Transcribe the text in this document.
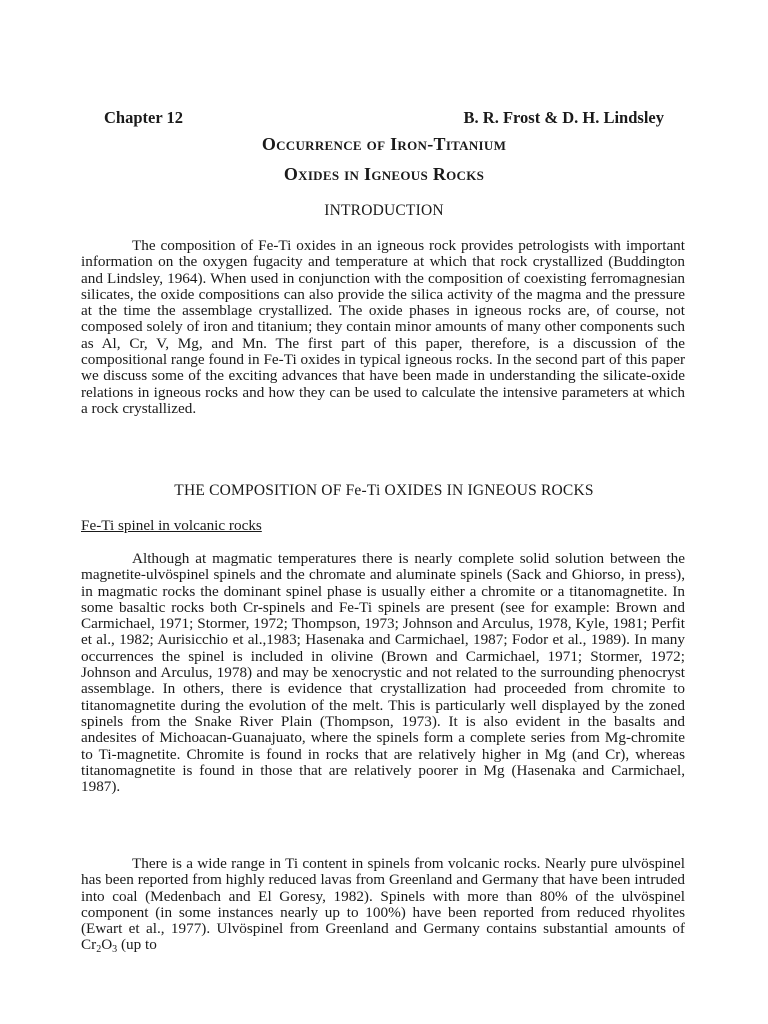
Chapter 12	B. R. Frost & D. H. Lindsley
Occurrence of Iron-Titanium
Oxides in Igneous Rocks
INTRODUCTION

The composition of Fe-Ti oxides in an igneous rock provides petrologists with important information on the oxygen fugacity and temperature at which that rock crystallized (Buddington and Lindsley, 1964). When used in conjunction with the composition of coexisting ferromagnesian silicates, the oxide compositions can also provide the silica activity of the magma and the pressure at the time the assemblage crystallized. The oxide phases in igneous rocks are, of course, not composed solely of iron and titanium; they contain minor amounts of many other components such as Al, Cr, V, Mg, and Mn. The first part of this paper, therefore, is a discussion of the compositional range found in Fe-Ti oxides in typical igneous rocks. In the second part of this paper we discuss some of the exciting advances that have been made in understanding the silicate-oxide relations in igneous rocks and how they can be used to calculate the intensive parameters at which a rock crystallized.

THE COMPOSITION OF Fe-Ti OXIDES IN IGNEOUS ROCKS
Fe-Ti spinel in volcanic rocks

Although at magmatic temperatures there is nearly complete solid solution between the magnetite-ulvöspinel spinels and the chromate and aluminate spinels (Sack and Ghiorso, in press), in magmatic rocks the dominant spinel phase is usually either a chromite or a titanomagnetite. In some basaltic rocks both Cr-spinels and Fe-Ti spinels are present (see for example: Brown and Carmichael, 1971; Stormer, 1972; Thompson, 1973; Johnson and Arculus, 1978, Kyle, 1981; Perfit et al., 1982; Aurisicchio et al.,1983; Hasenaka and Carmichael, 1987; Fodor et al., 1989). In many occurrences the spinel is included in olivine (Brown and Carmichael, 1971; Stormer, 1972; Johnson and Arculus, 1978) and may be xenocrystic and not related to the surrounding phenocryst assemblage. In others, there is evidence that crystallization had proceeded from chromite to titanomagnetite during the evolution of the melt. This is particularly well displayed by the zoned spinels from the Snake River Plain (Thompson, 1973). It is also evident in the basalts and andesites of Michoacan-Guanajuato, where the spinels form a complete series from Mg-chromite to Ti-magnetite. Chromite is found in rocks that are relatively higher in Mg (and Cr), whereas titanomagnetite is found in those that are relatively poorer in Mg (Hasenaka and Carmichael, 1987).

There is a wide range in Ti content in spinels from volcanic rocks. Nearly pure ulvöspinel has been reported from highly reduced lavas from Greenland and Germany that have been intruded into coal (Medenbach and El Goresy, 1982). Spinels with more than 80% of the ulvöspinel component (in some instances nearly up to 100%) have been reported from reduced rhyolites (Ewart et al., 1977). Ulvöspinel from Greenland and Germany contains substantial amounts of $Cr_2O_3$ (up to
